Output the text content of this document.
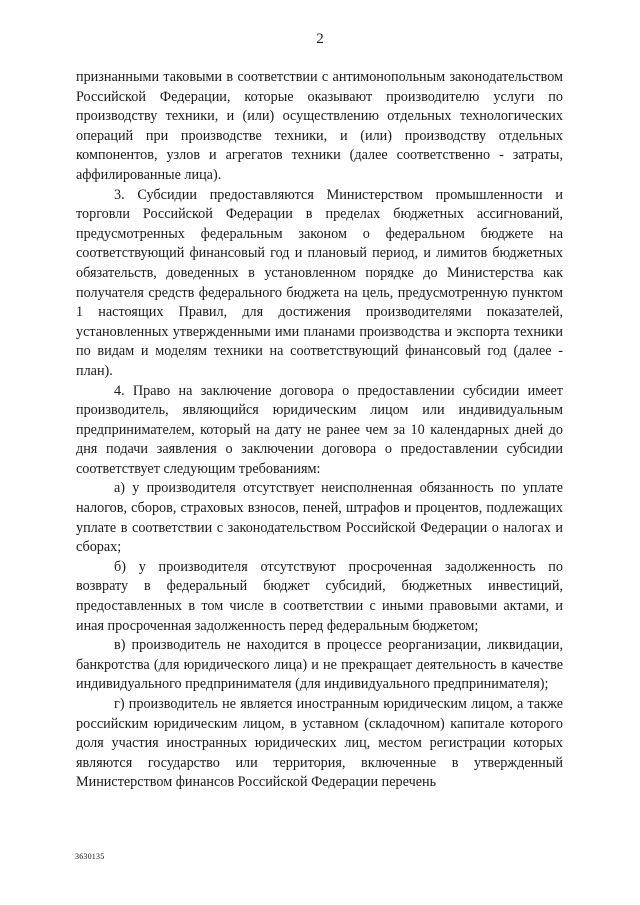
2

признанными таковыми в соответствии с антимонопольным законодательством Российской Федерации, которые оказывают производителю услуги по производству техники, и (или) осуществлению отдельных технологических операций при производстве техники, и (или) производству отдельных компонентов, узлов и агрегатов техники (далее соответственно - затраты, аффилированные лица).

3. Субсидии предоставляются Министерством промышленности и торговли Российской Федерации в пределах бюджетных ассигнований, предусмотренных федеральным законом о федеральном бюджете на соответствующий финансовый год и плановый период, и лимитов бюджетных обязательств, доведенных в установленном порядке до Министерства как получателя средств федерального бюджета на цель, предусмотренную пунктом 1 настоящих Правил, для достижения производителями показателей, установленных утвержденными ими планами производства и экспорта техники по видам и моделям техники на соответствующий финансовый год (далее - план).

4. Право на заключение договора о предоставлении субсидии имеет производитель, являющийся юридическим лицом или индивидуальным предпринимателем, который на дату не ранее чем за 10 календарных дней до дня подачи заявления о заключении договора о предоставлении субсидии соответствует следующим требованиям:

а) у производителя отсутствует неисполненная обязанность по уплате налогов, сборов, страховых взносов, пеней, штрафов и процентов, подлежащих уплате в соответствии с законодательством Российской Федерации о налогах и сборах;

б) у производителя отсутствуют просроченная задолженность по возврату в федеральный бюджет субсидий, бюджетных инвестиций, предоставленных в том числе в соответствии с иными правовыми актами, и иная просроченная задолженность перед федеральным бюджетом;

в) производитель не находится в процессе реорганизации, ликвидации, банкротства (для юридического лица) и не прекращает деятельность в качестве индивидуального предпринимателя (для индивидуального предпринимателя);

г) производитель не является иностранным юридическим лицом, а также российским юридическим лицом, в уставном (складочном) капитале которого доля участия иностранных юридических лиц, местом регистрации которых являются государство или территория, включенные в утвержденный Министерством финансов Российской Федерации перечень

3630135
